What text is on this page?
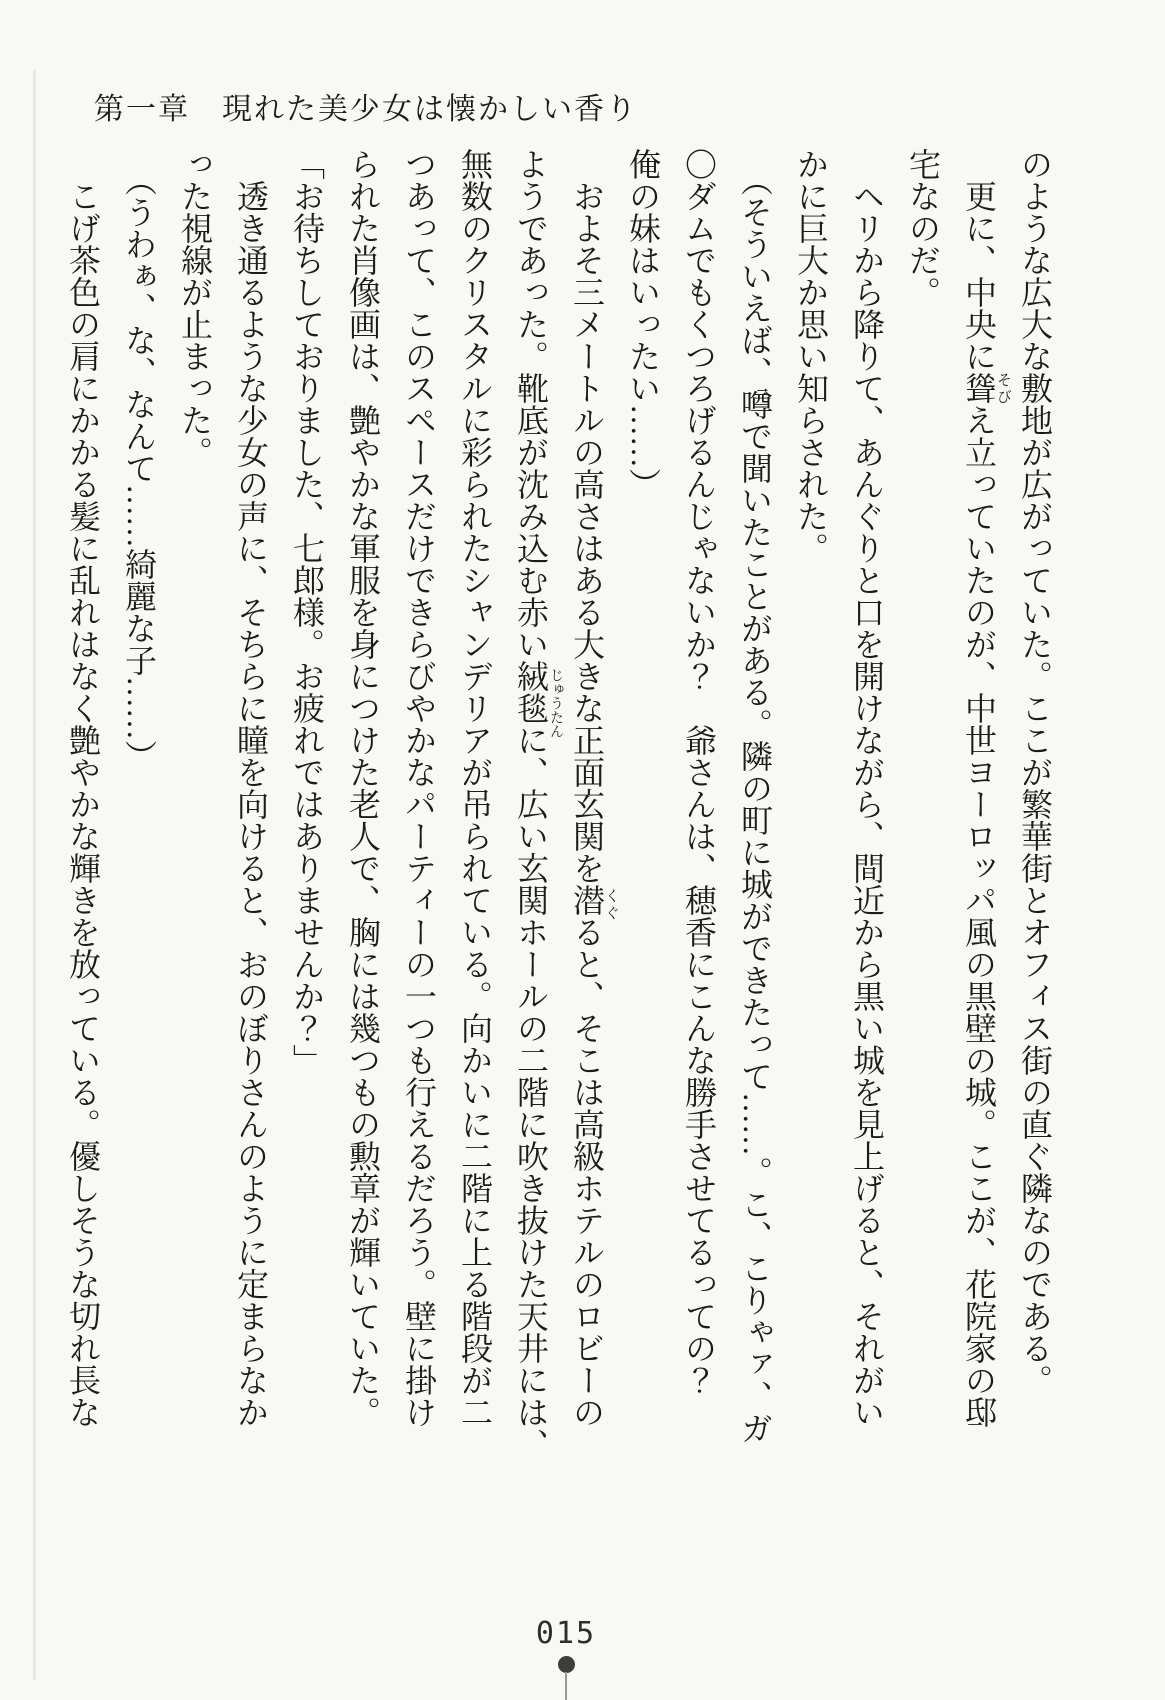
第一章　現れた美少女は懐かしい香り

のような広大な敷地が広がっていた。ここが繁華街とオフィス街の直ぐ隣なのである。

　更に、中央に聳え立っていたのが、中世ヨーロッパ風の黒壁の城。ここが、花院家の邸

宅なのだ。

　ヘリから降りて、あんぐりと口を開けながら、間近から黒い城を見上げると、それがい

かに巨大か思い知らされた。

　（そういえば、噂で聞いたことがある。隣の町に城ができたって……。こ、こりゃァ、ガ

〇ダムでもくつろげるんじゃないか？　爺さんは、穂香にこんな勝手させてるっての？

俺の妹はいったい……）

　およそ三メートルの高さはある大きな正面玄関を潜ると、そこは高級ホテルのロビーの

ようであった。靴底が沈み込む赤い絨毯に、広い玄関ホールの二階に吹き抜けた天井には、

無数のクリスタルに彩られたシャンデリアが吊られている。向かいに二階に上る階段が二

つあって、このスペースだけできらびやかなパーティーの一つも行えるだろう。壁に掛け

られた肖像画は、艶やかな軍服を身につけた老人で、胸には幾つもの勲章が輝いていた。

「お待ちしておりました、七郎様。お疲れではありませんか？」

　透き通るような少女の声に、そちらに瞳を向けると、おのぼりさんのように定まらなか

った視線が止まった。

　（うわぁ、な、なんて……綺麗な子……）

　こげ茶色の肩にかかる髪に乱れはなく艶やかな輝きを放っている。優しそうな切れ長な	そび
じゅうたん
くぐ
015
